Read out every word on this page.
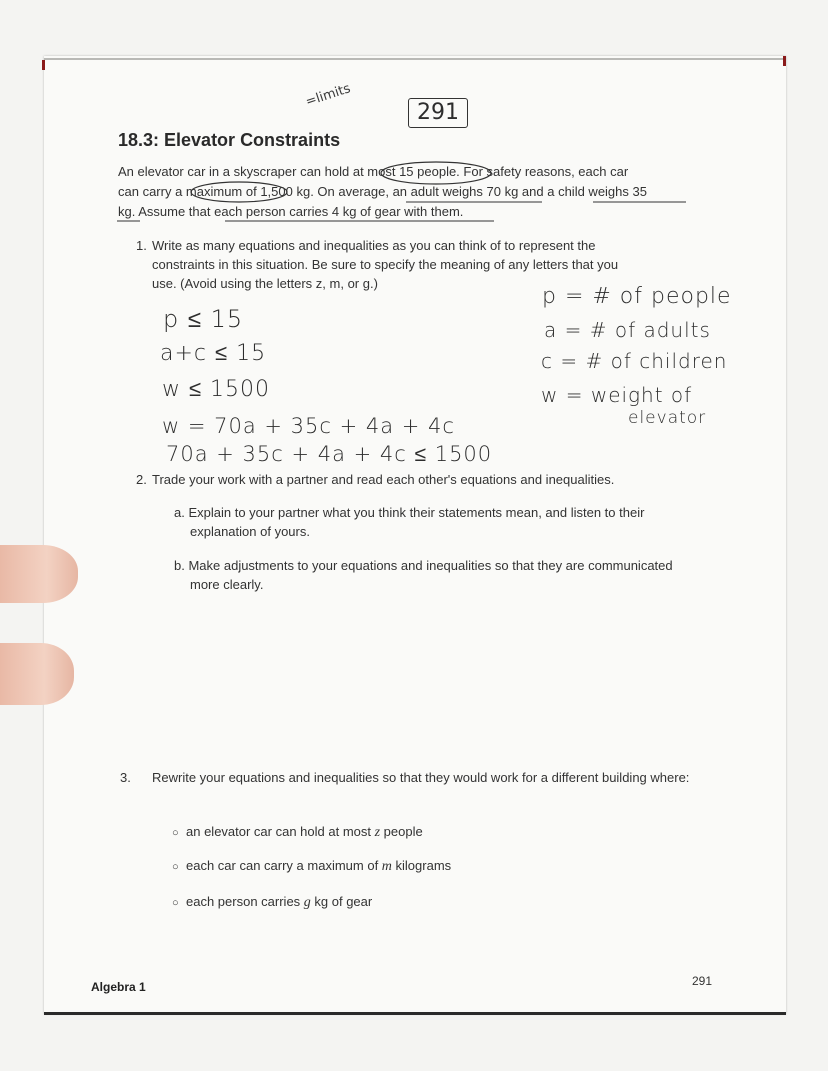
=limits
291
18.3: Elevator Constraints

An elevator car in a skyscraper can hold at most 15 people. For safety reasons, each car

can carry a maximum of 1,500 kg. On average, an adult weighs 70 kg and a child weighs 35

kg. Assume that each person carries 4 kg of gear with them.

1. Write as many equations and inequalities as you can think of to represent the
constraints in this situation. Be sure to specify the meaning of any letters that you
use. (Avoid using the letters z, m, or g.)
p ≤ 15
a+c ≤ 15
w ≤ 1500
w = 70a + 35c + 4a + 4c
70a + 35c + 4a + 4c ≤ 1500
p = # of people
a = # of adults
c = # of children
w = weight of
elevator
2. Trade your work with a partner and read each other's equations and inequalities.
a. Explain to your partner what you think their statements mean, and listen to their explanation of yours.
b. Make adjustments to your equations and inequalities so that they are communicated more clearly.
3. Rewrite your equations and inequalities so that they would work for a different building where:
○ an elevator car can hold at most z people
○ each car can carry a maximum of m kilograms
○ each person carries g kg of gear
Algebra 1	291
